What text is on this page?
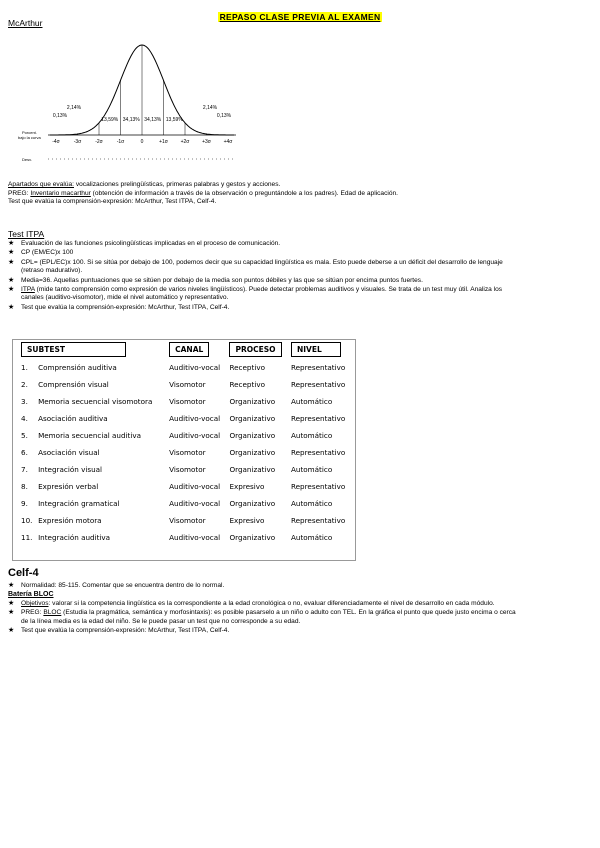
REPASO CLASE PREVIA AL EXAMEN
McArthur
0,13%
2,14%
13,59% 34,13% 34,13% 13,59%
2,14%
0,13%
-4σ	-3σ	-2σ	-1σ	0	+1σ	+2σ	+3σ	+4σ
Porcent.
bajo la curva
Desv.
Apartados que evalúa: vocalizaciones prelingüísticas, primeras palabras y gestos y acciones.
PREG: Inventario macarthur (obtención de información a través de la observación o preguntándole a los padres). Edad de aplicación.
Test que evalúa la comprensión-expresión: McArthur, Test ITPA, Celf-4.
Test ITPA
★ Evaluación de las funciones psicolingüísticas implicadas en el proceso de comunicación.
★ CP (EM/EC)x 100
★ CPL= (EPL/EC)x 100. Si se sitúa por debajo de 100, podemos decir que su capacidad lingüística es mala. Esto puede deberse a un déficit del desarrollo de lenguaje (retraso madurativo).
★ Media=36. Aquellas puntuaciones que se sitúen por debajo de la media son puntos débiles y las que se sitúan por encima puntos fuertes.
★ ITPA (mide tanto comprensión como expresión de varios niveles lingüísticos). Puede detectar problemas auditivos y visuales. Se trata de un test muy útil. Analiza los canales (auditivo-visomotor), mide el nivel automático y representativo.
★ Test que evalúa la comprensión-expresión: McArthur, Test ITPA, Celf-4.
SUBTEST		CANAL	PROCESO	NIVEL
1.	Comprensión auditiva	Auditivo-vocal	Receptivo	Representativo
2.	Comprensión visual	Visomotor	Receptivo	Representativo
3.	Memoria secuencial visomotora	Visomotor	Organizativo	Automático
4.	Asociación auditiva	Auditivo-vocal	Organizativo	Representativo
5.	Memoria secuencial auditiva	Auditivo-vocal	Organizativo	Automático
6.	Asociación visual	Visomotor	Organizativo	Representativo
7.	Integración visual	Visomotor	Organizativo	Automático
8.	Expresión verbal	Auditivo-vocal	Expresivo	Representativo
9.	Integración gramatical	Auditivo-vocal	Organizativo	Automático
10.	Expresión motora	Visomotor	Expresivo	Representativo
11.	Integración auditiva	Auditivo-vocal	Organizativo	Automático
Celf-4
★ Normalidad: 85-115. Comentar que se encuentra dentro de lo normal.
Batería BLOC
★ Objetivos: valorar si la competencia lingüística es la correspondiente a la edad cronológica o no, evaluar diferenciadamente el nivel de desarrollo en cada módulo.
★ PREG: BLOC (Estudia la pragmática, semántica y morfosintaxis): es posible pasarselo a un niño o adulto con TEL. En la gráfica el punto que quede justo encima o cerca de la línea media es la edad del niño. Se le puede pasar un test que no corresponde a su edad.
★ Test que evalúa la comprensión-expresión: McArthur, Test ITPA, Celf-4.
